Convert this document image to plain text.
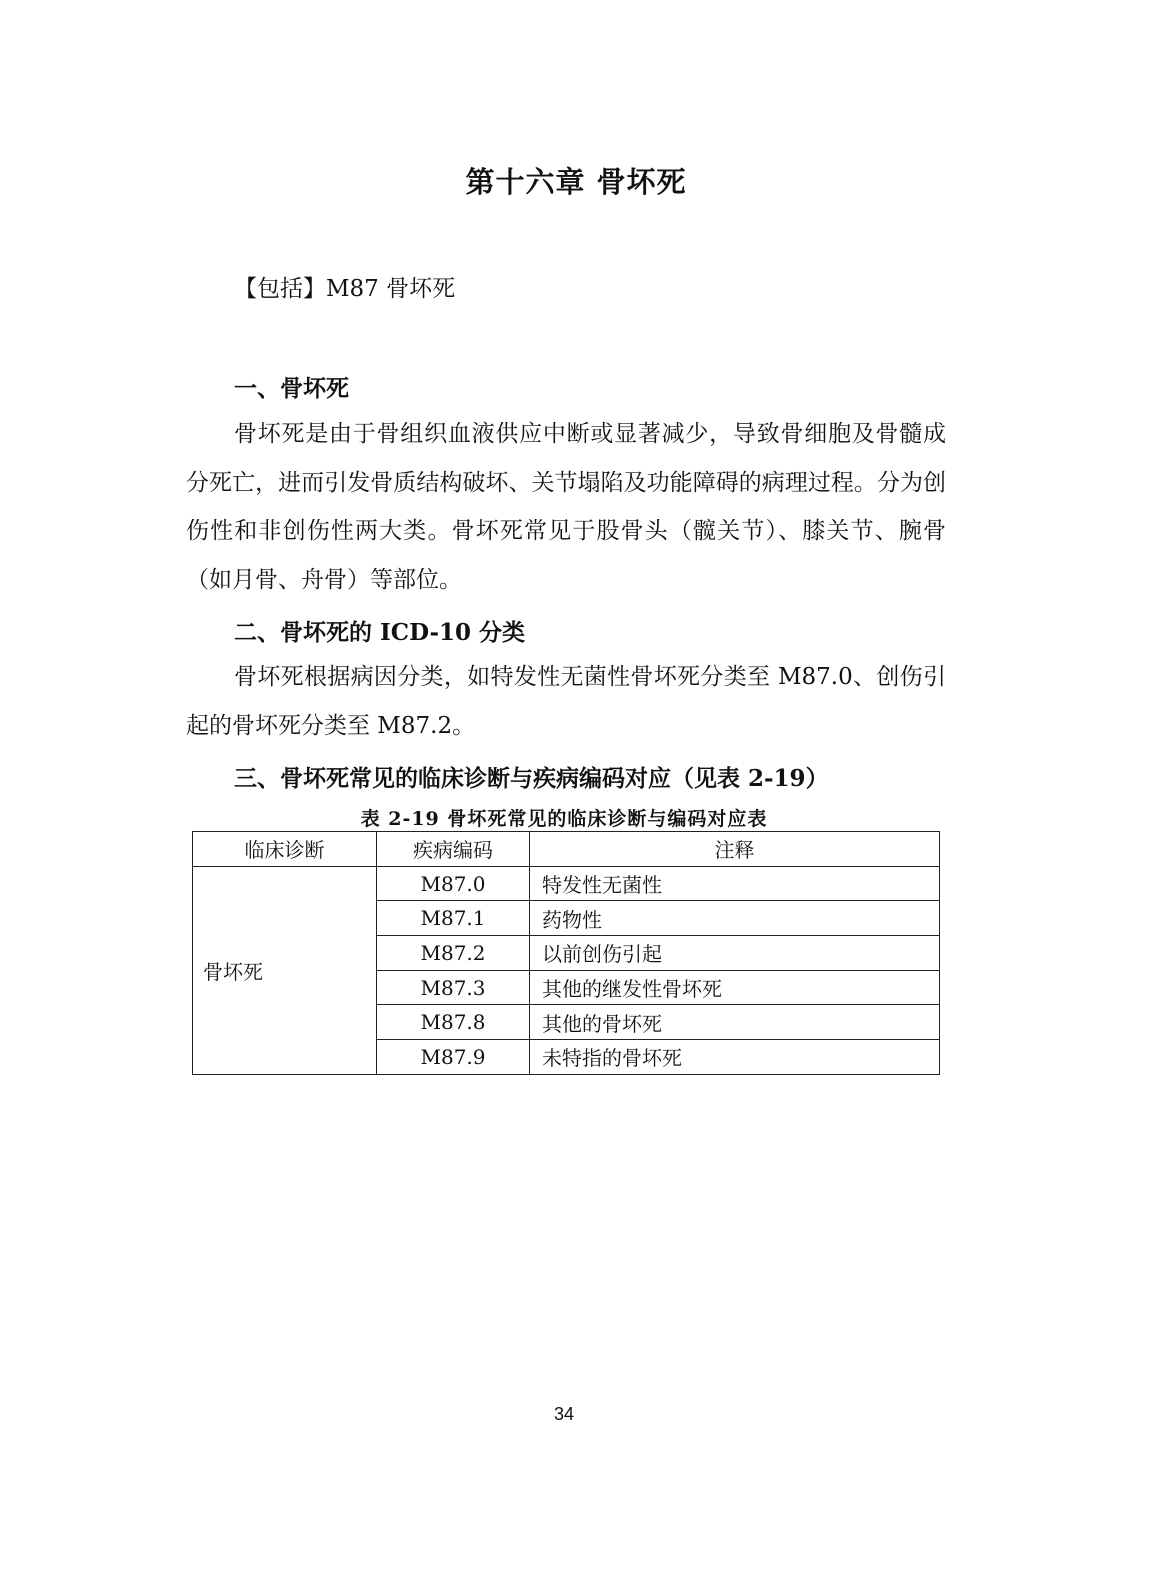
第十六章 骨坏死
【包括】M87 骨坏死
一、骨坏死

骨坏死是由于骨组织血液供应中断或显著减少，导致骨细胞及骨髓成分死亡，进而引发骨质结构破坏、关节塌陷及功能障碍的病理过程。分为创伤性和非创伤性两大类。骨坏死常见于股骨头（髋关节）、膝关节、腕骨（如月骨、舟骨）等部位。

二、骨坏死的 ICD-10 分类

骨坏死根据病因分类，如特发性无菌性骨坏死分类至 M87.0、创伤引起的骨坏死分类至 M87.2。

三、骨坏死常见的临床诊断与疾病编码对应（见表 2-19）
表 2-19 骨坏死常见的临床诊断与编码对应表
临床诊断	疾病编码	注释
骨坏死	M87.0	特发性无菌性
	M87.1	药物性
	M87.2	以前创伤引起
	M87.3	其他的继发性骨坏死
	M87.8	其他的骨坏死
	M87.9	未特指的骨坏死
34
